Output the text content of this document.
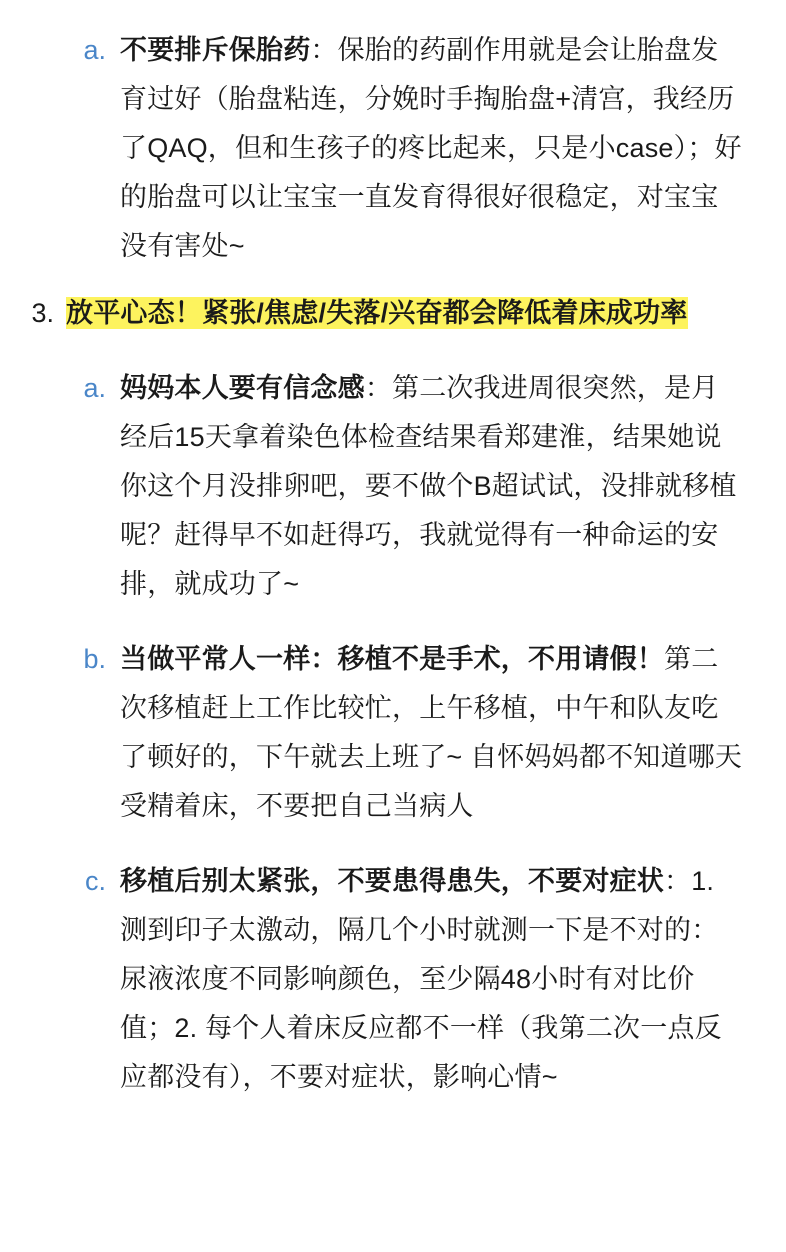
a. 不要排斥保胎药：保胎的药副作用就是会让胎盘发育过好（胎盘粘连，分娩时手掏胎盘+清宫，我经历了QAQ，但和生孩子的疼比起来，只是小case）；好的胎盘可以让宝宝一直发育得很好很稳定，对宝宝没有害处~
3. 放平心态！紧张/焦虑/失落/兴奋都会降低着床成功率
a. 妈妈本人要有信念感：第二次我进周很突然，是月经后15天拿着染色体检查结果看郑建淮，结果她说你这个月没排卵吧，要不做个B超试试，没排就移植呢？赶得早不如赶得巧，我就觉得有一种命运的安排，就成功了~
b. 当做平常人一样：移植不是手术，不用请假！第二次移植赶上工作比较忙，上午移植，中午和队友吃了顿好的，下午就去上班了~ 自怀妈妈都不知道哪天受精着床，不要把自己当病人
c. 移植后别太紧张，不要患得患失，不要对症状：1. 测到印子太激动，隔几个小时就测一下是不对的：尿液浓度不同影响颜色，至少隔48小时有对比价值；2. 每个人着床反应都不一样（我第二次一点反应都没有），不要对症状，影响心情~
